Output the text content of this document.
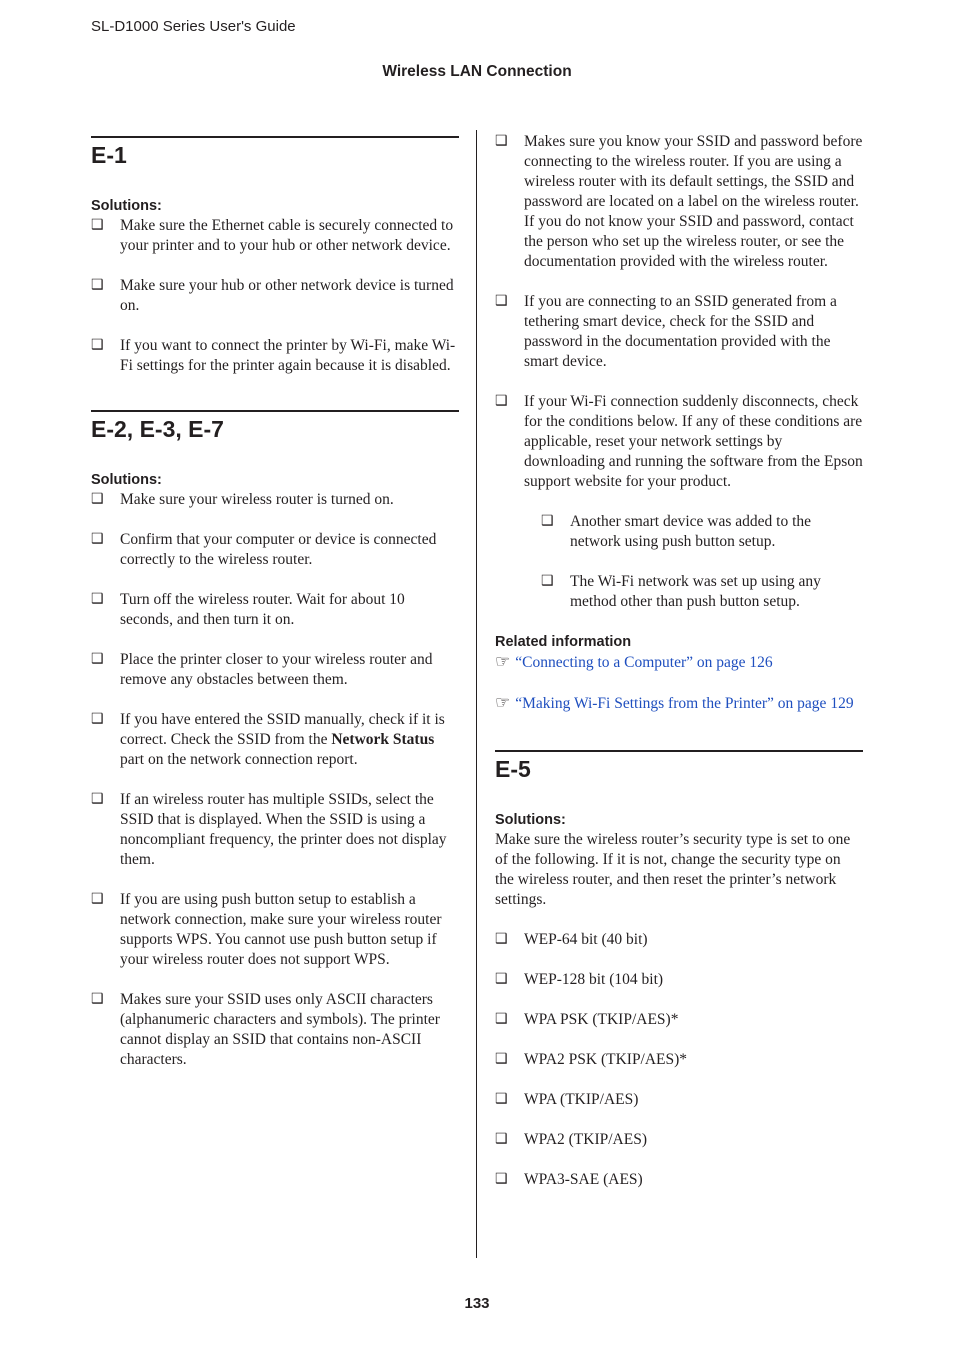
SL-D1000 Series User's Guide
Wireless LAN Connection
E-1
Solutions:
❑ Make sure the Ethernet cable is securely connected to your printer and to your hub or other network device.
❑ Make sure your hub or other network device is turned on.
❑ If you want to connect the printer by Wi-Fi, make Wi-Fi settings for the printer again because it is disabled.
E-2, E-3, E-7
Solutions:
❑ Make sure your wireless router is turned on.
❑ Confirm that your computer or device is connected correctly to the wireless router.
❑ Turn off the wireless router. Wait for about 10 seconds, and then turn it on.
❑ Place the printer closer to your wireless router and remove any obstacles between them.
❑ If you have entered the SSID manually, check if it is correct. Check the SSID from the Network Status part on the network connection report.
❑ If an wireless router has multiple SSIDs, select the SSID that is displayed. When the SSID is using a noncompliant frequency, the printer does not display them.
❑ If you are using push button setup to establish a network connection, make sure your wireless router supports WPS. You cannot use push button setup if your wireless router does not support WPS.
❑ Makes sure your SSID uses only ASCII characters (alphanumeric characters and symbols). The printer cannot display an SSID that contains non-ASCII characters.
❑ Makes sure you know your SSID and password before connecting to the wireless router. If you are using a wireless router with its default settings, the SSID and password are located on a label on the wireless router. If you do not know your SSID and password, contact the person who set up the wireless router, or see the documentation provided with the wireless router.
❑ If you are connecting to an SSID generated from a tethering smart device, check for the SSID and password in the documentation provided with the smart device.
❑ If your Wi-Fi connection suddenly disconnects, check for the conditions below. If any of these conditions are applicable, reset your network settings by downloading and running the software from the Epson support website for your product.
❑ Another smart device was added to the network using push button setup.
❑ The Wi-Fi network was set up using any method other than push button setup.
Related information
☞ “Connecting to a Computer” on page 126
☞ “Making Wi-Fi Settings from the Printer” on page 129
E-5
Solutions:
Make sure the wireless router’s security type is set to one of the following. If it is not, change the security type on the wireless router, and then reset the printer’s network settings.
❑ WEP-64 bit (40 bit)
❑ WEP-128 bit (104 bit)
❑ WPA PSK (TKIP/AES)*
❑ WPA2 PSK (TKIP/AES)*
❑ WPA (TKIP/AES)
❑ WPA2 (TKIP/AES)
❑ WPA3-SAE (AES)
133
